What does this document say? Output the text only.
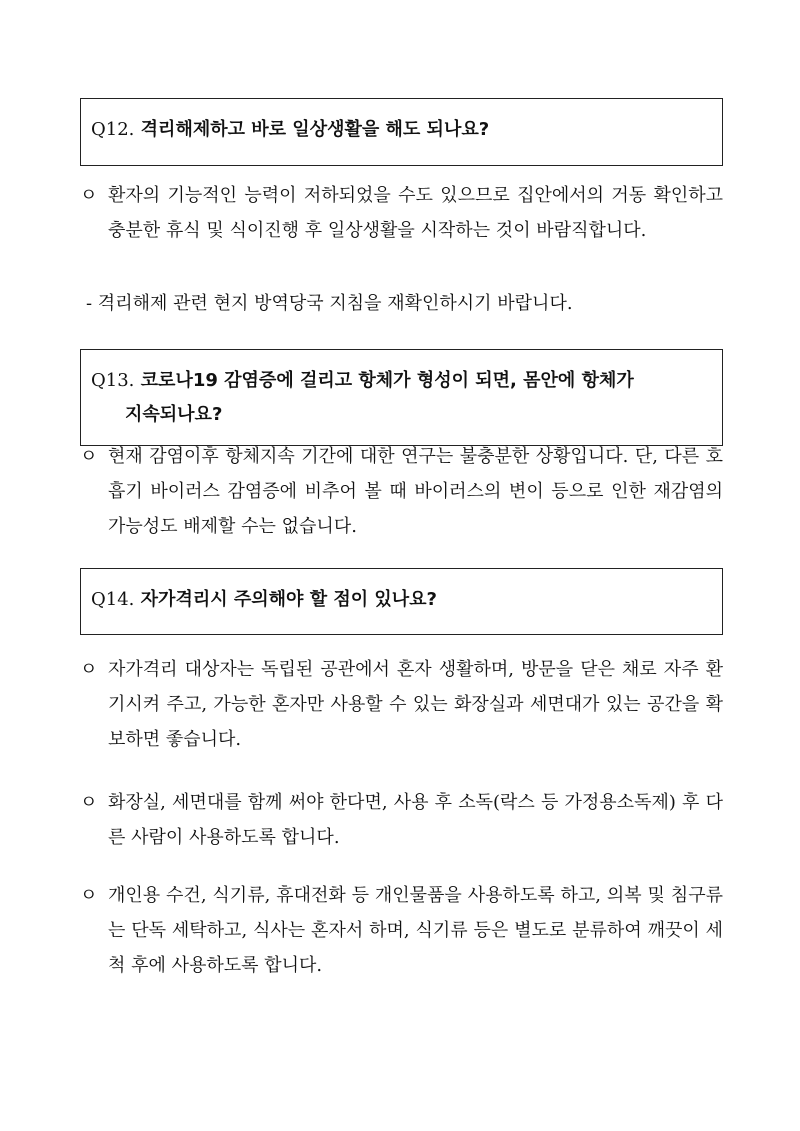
Q12. 격리해제하고 바로 일상생활을 해도 되나요?
ㅇ 환자의 기능적인 능력이 저하되었을 수도 있으므로 집안에서의 거동 확인하고 충분한 휴식 및 식이진행 후 일상생활을 시작하는 것이 바람직합니다.
- 격리해제 관련 현지 방역당국 지침을 재확인하시기 바랍니다.
Q13. 코로나19 감염증에 걸리고 항체가 형성이 되면, 몸안에 항체가
지속되나요?
ㅇ 현재 감염이후 항체지속 기간에 대한 연구는 불충분한 상황입니다. 단, 다른 호흡기 바이러스 감염증에 비추어 볼 때 바이러스의 변이 등으로 인한 재감염의 가능성도 배제할 수는 없습니다.
Q14. 자가격리시 주의해야 할 점이 있나요?
ㅇ 자가격리 대상자는 독립된 공관에서 혼자 생활하며, 방문을 닫은 채로 자주 환기시켜 주고, 가능한 혼자만 사용할 수 있는 화장실과 세면대가 있는 공간을 확보하면 좋습니다.
ㅇ 화장실, 세면대를 함께 써야 한다면, 사용 후 소독(락스 등 가정용소독제) 후 다른 사람이 사용하도록 합니다.
ㅇ 개인용 수건, 식기류, 휴대전화 등 개인물품을 사용하도록 하고, 의복 및 침구류는 단독 세탁하고, 식사는 혼자서 하며, 식기류 등은 별도로 분류하여 깨끗이 세척 후에 사용하도록 합니다.
